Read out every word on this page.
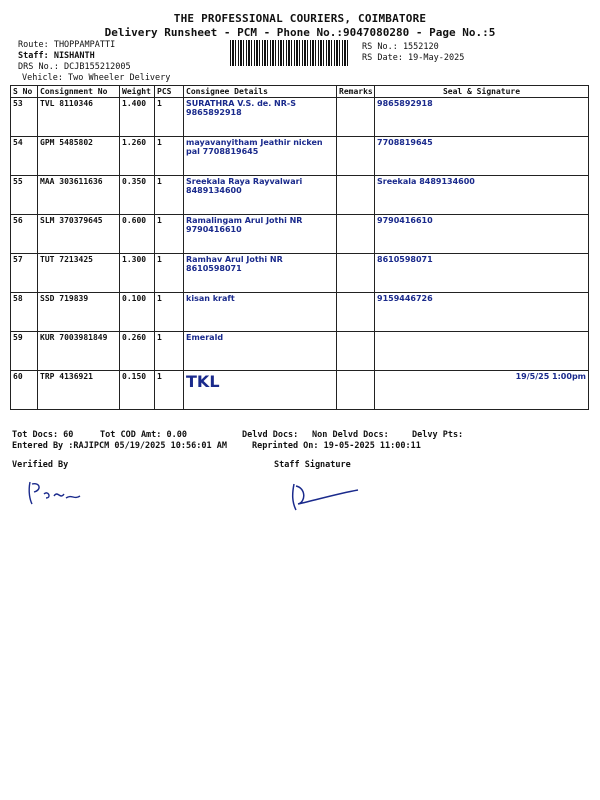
THE PROFESSIONAL COURIERS, COIMBATORE
Delivery Runsheet - PCM - Phone No.:9047080280 - Page No.:5
Route: THOPPAMPATTI
Staff: NISHANTH
DRS No.: DCJB155212005
Vehicle: Two Wheeler Delivery
RS No.: 1552120
RS Date: 19-May-2025
S No	Consignment No	Weight	PCS	Consignee Details	Remarks	Seal & Signature
53	TVL 8110346	1.400	1	SURATHRA V.S. de. NR-S 9865892918		9865892918
54	GPM 5485802	1.260	1	mayavanyitham Jeathir nicken pal 7708819645		7708819645
55	MAA 303611636	0.350	1	Sreekala Raya Rayvalwari 8489134600		Sreekala 8489134600
56	SLM 370379645	0.600	1	Ramalingam Arul Jothi NR 9790416610		9790416610
57	TUT 7213425	1.300	1	Ramhav Arul Jothi NR 8610598071		8610598071
58	SSD 719839	0.100	1	kisan kraft		9159446726
59	KUR 7003981849	0.260	1	Emerald		
60	TRP 4136921	0.150	1	TKL		19/5/25 1:00pm
Tot Docs: 60	Tot COD Amt: 0.00	Delvd Docs: Non Delvd Docs:	Delvy Pts:
Entered By :RAJIPCM 05/19/2025 10:56:01 AM	Reprinted On: 19-05-2025 11:00:11
Verified By	Staff Signature
